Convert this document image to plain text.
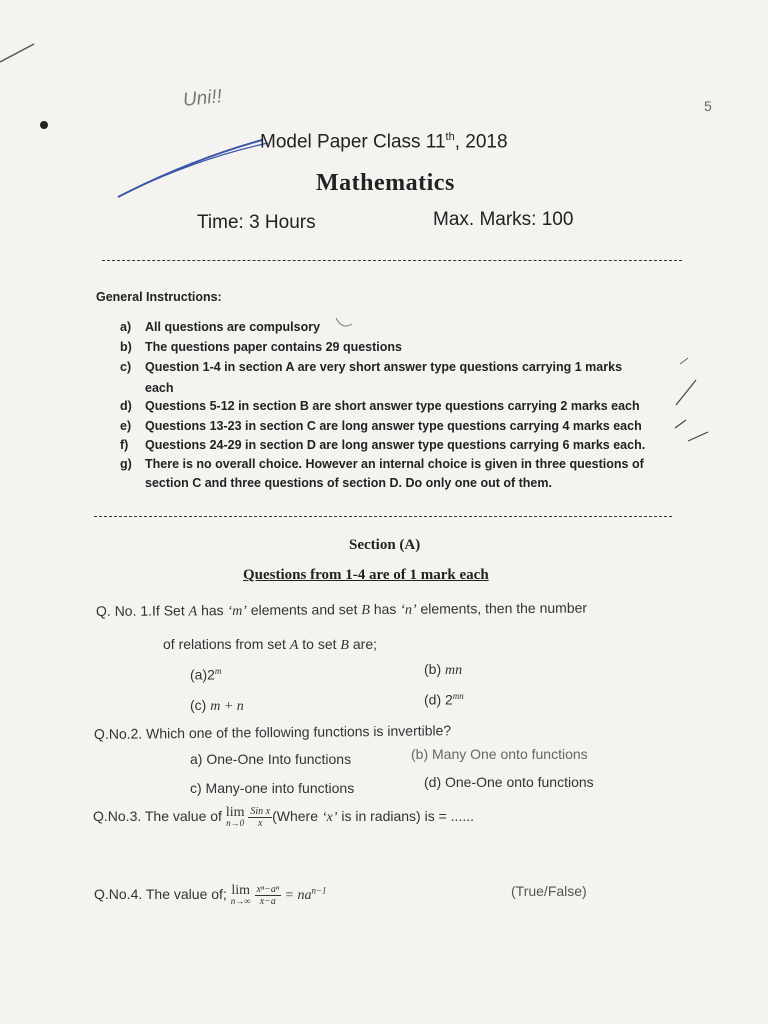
Uni!!	5
Model Paper Class 11th, 2018
Mathematics
Time: 3 Hours	Max. Marks: 100
General Instructions:
a) All questions are compulsory
b) The questions paper contains 29 questions
c) Question 1-4 in section A are very short answer type questions carrying 1 marks
each
d) Questions 5-12 in section B are short answer type questions carrying 2 marks each
e) Questions 13-23 in section C are long answer type questions carrying 4 marks each
f) Questions 24-29 in section D are long answer type questions carrying 6 marks each.
g) There is no overall choice. However an internal choice is given in three questions of
section C and three questions of section D. Do only one out of them.
Section (A)
Questions from 1-4 are of 1 mark each
Q. No. 1.If Set A has ‘m’ elements and set B has ‘n’ elements, then the number
of relations from set A to set B are;
(a)2$^m$	(b) mn
(c) m + n	(d) $2^{mn}$
Q.No.2. Which one of the following functions is invertible?
a) One-One Into functions	(b) Many One onto functions
c) Many-one into functions	(d) One-One onto functions
Q.No.3. The value of lim
n→0
$\frac{\text{Sin x}}{x}(Where$ ‘x’ is in radians) is = ......
Q.No.4. The value of; lim
n→∞
$\frac{\text{xⁿ−aⁿ}}{x-a} = na^{n-1}$	(True/False)
